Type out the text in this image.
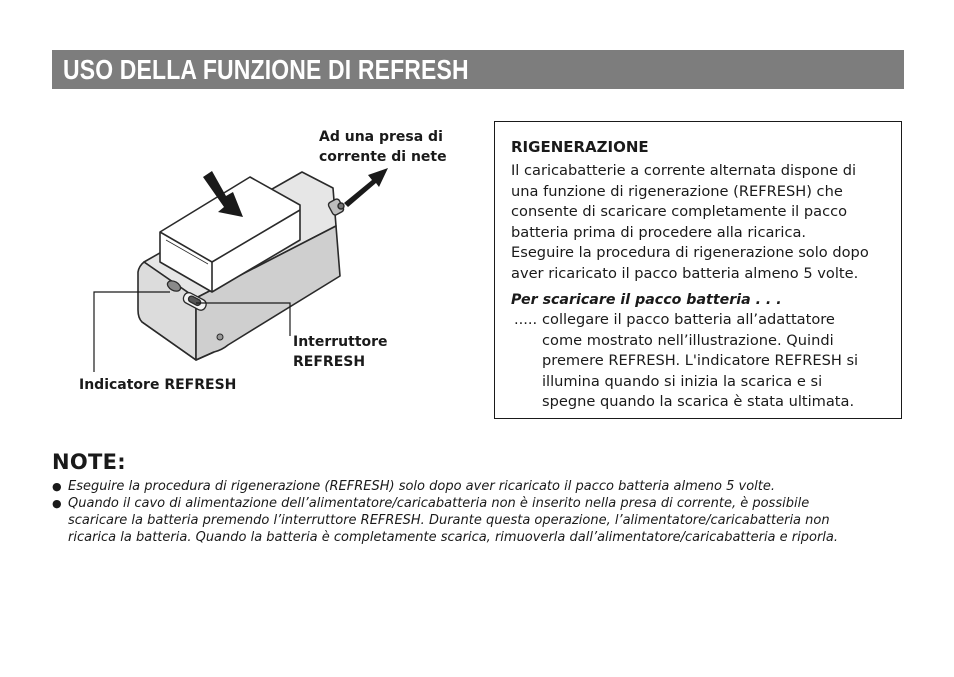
USO DELLA FUNZIONE DI REFRESH
Ad una presa di
corrente di nete
Interruttore
REFRESH
Indicatore REFRESH
RIGENERAZIONE

Il caricabatterie a corrente alternata dispone di

una funzione di rigenerazione (REFRESH) che

consente di scaricare completamente il pacco

batteria prima di procedere alla ricarica.

Eseguire la procedura di rigenerazione solo dopo

aver ricaricato il pacco batteria almeno 5 volte.

Per scaricare il pacco batteria . . .
..... collegare il pacco batteria all’adattatore
come mostrato nell’illustrazione. Quindi
premere REFRESH. L'indicatore REFRESH si
illumina quando si inizia la scarica e si
spegne quando la scarica è stata ultimata.
NOTE:
● Eseguire la procedura di rigenerazione (REFRESH) solo dopo aver ricaricato il pacco batteria almeno 5 volte.
● Quando il cavo di alimentazione dell’alimentatore/caricabatteria non è inserito nella presa di corrente, è possibile
scaricare la batteria premendo l’interruttore REFRESH. Durante questa operazione, l’alimentatore/caricabatteria non
ricarica la batteria. Quando la batteria è completamente scarica, rimuoverla dall’alimentatore/caricabatteria e riporla.
